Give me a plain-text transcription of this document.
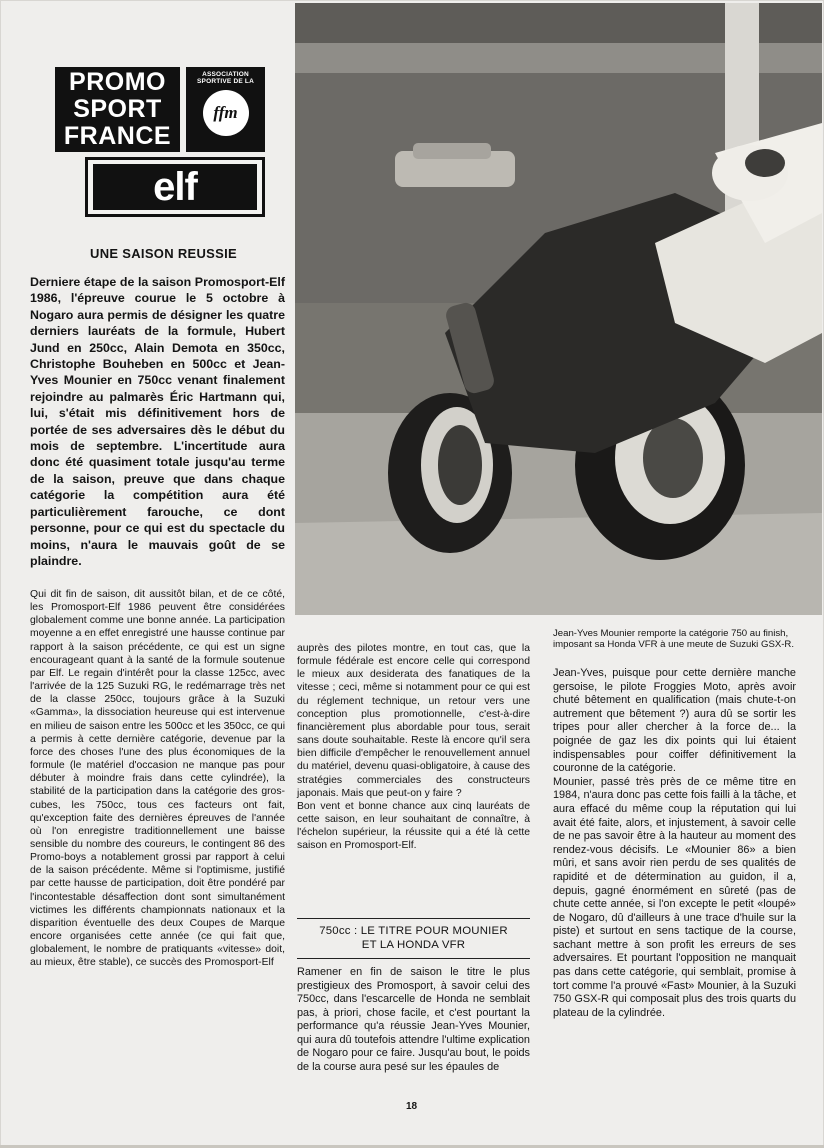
PROMO
SPORT
FRANCE
ASSOCIATION
SPORTIVE DE LA
ffm
elf
UNE SAISON REUSSIE

Derniere étape de la saison Promosport-Elf 1986, l'épreuve courue le 5 octobre à Nogaro aura permis de désigner les quatre derniers lauréats de la formule, Hubert Jund en 250cc, Alain Demota en 350cc, Christophe Bouheben en 500cc et Jean-Yves Mounier en 750cc venant finalement rejoindre au palmarès Éric Hartmann qui, lui, s'était mis définitivement hors de portée de ses adversaires dès le début du mois de septembre. L'incertitude aura donc été quasiment totale jusqu'au terme de la saison, preuve que dans chaque catégorie la compétition aura été particulièrement farouche, ce dont personne, pour ce qui est du spectacle du moins, n'aura le mauvais goût de se plaindre.

Qui dit fin de saison, dit aussitôt bilan, et de ce côté, les Promosport-Elf 1986 peuvent être considérées globalement comme une bonne année. La participation moyenne a en effet enregistré une hausse continue par rapport à la saison précédente, ce qui est un signe encourageant quant à la santé de la formule soutenue par Elf. Le regain d'intérêt pour la classe 125cc, avec l'arrivée de la 125 Suzuki RG, le redémarrage très net de la classe 250cc, toujours grâce à la Suzuki «Gamma», la dissociation heureuse qui est intervenue en milieu de saison entre les 500cc et les 350cc, ce qui a permis à cette dernière catégorie, devenue par la force des choses l'une des plus économiques de la formule (le matériel d'occasion ne manque pas pour débuter à moindre frais dans cette cylindrée), la stabilité de la participation dans la catégorie des gros-cubes, les 750cc, tous ces facteurs ont fait, qu'exception faite des dernières épreuves de l'année où l'on enregistre traditionnellement une baisse sensible du nombre des coureurs, le contingent 86 des Promo-boys a notablement grossi par rapport à celui de la saison précédente. Même si l'optimisme, justifié par cette hausse de participation, doit être pondéré par l'incontestable désaffection dont sont simultanément victimes les différents championnats nationaux et la disparition éventuelle des deux Coupes de Marque encore organisées cette année (ce qui fait que, globalement, le nombre de pratiquants «vitesse» doit, au mieux, être stable), ce succès des Promosport-Elf

auprès des pilotes montre, en tout cas, que la formule fédérale est encore celle qui correspond le mieux aux desiderata des fanatiques de la vitesse ; ceci, même si notamment pour ce qui est du réglement technique, un retour vers une conception plus promotionnelle, c'est-à-dire financièrement plus abordable pour tous, serait sans doute souhaitable. Reste là encore qu'il sera bien difficile d'empêcher le renouvellement annuel du matériel, devenu quasi-obligatoire, à cause des stratégies commerciales des constructeurs japonais. Mais que peut-on y faire ?
Bon vent et bonne chance aux cinq lauréats de cette saison, en leur souhaitant de connaître, à l'échelon supérieur, la réussite qui a été là cette saison en Promosport-Elf.

750cc : LE TITRE POUR MOUNIER
ET LA HONDA VFR

Ramener en fin de saison le titre le plus prestigieux des Promosport, à savoir celui des 750cc, dans l'escarcelle de Honda ne semblait pas, à priori, chose facile, et c'est pourtant la performance qu'a réussie Jean-Yves Mounier, qui aura dû toutefois attendre l'ultime explication de Nogaro pour ce faire. Jusqu'au bout, le poids de la course aura pesé sur les épaules de

Jean-Yves Mounier remporte la catégorie 750 au finish, imposant sa Honda VFR à une meute de Suzuki GSX-R.

Jean-Yves, puisque pour cette dernière manche gersoise, le pilote Froggies Moto, après avoir chuté bêtement en qualification (mais chute-t-on autrement que bêtement ?) aura dû se sortir les tripes pour aller chercher à la force de... la poignée de gaz les dix points qui lui étaient indispensables pour coiffer définitivement la couronne de la catégorie.
Mounier, passé très près de ce même titre en 1984, n'aura donc pas cette fois failli à la tâche, et aura effacé du même coup la réputation qui lui avait été faite, alors, et injustement, à savoir celle de ne pas savoir être à la hauteur au moment des rendez-vous décisifs. Le «Mounier 86» a bien mûri, et sans avoir rien perdu de ses qualités de rapidité et de détermination au guidon, il a, depuis, gagné énormément en sûreté (pas de chute cette année, si l'on excepte le petit «loupé» de Nogaro, dû d'ailleurs à une trace d'huile sur la piste) et surtout en sens tactique de la course, sachant mettre à son profit les erreurs de ses adversaires. Et pourtant l'opposition ne manquait pas dans cette catégorie, qui semblait, promise à tort comme l'a prouvé «Fast» Mounier, à la Suzuki 750 GSX-R qui composait plus des trois quarts du plateau de la cylindrée.

18
